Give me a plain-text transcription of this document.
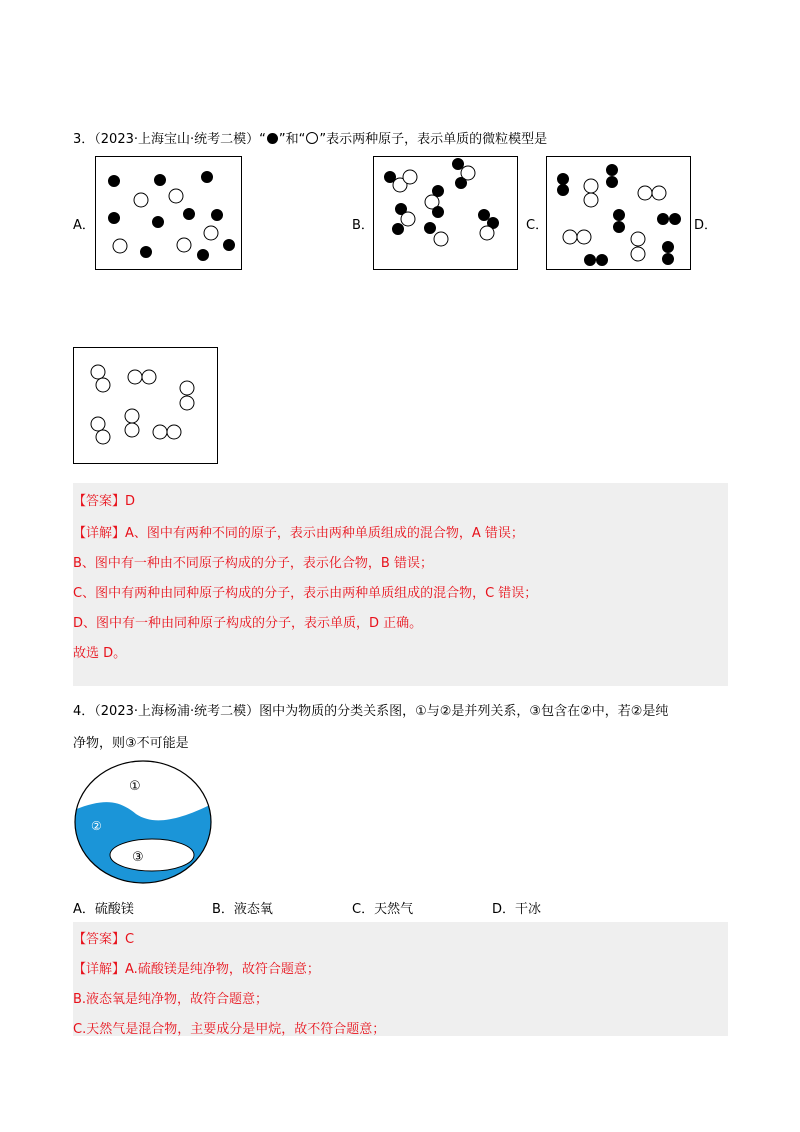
3．（2023·上海宝山·统考二模）“ ”和“ ”表示两种原子，表示单质的微粒模型是
A．	B．	C．	D．
【答案】D
【详解】A、图中有两种不同的原子，表示由两种单质组成的混合物，A 错误；
B、图中有一种由不同原子构成的分子，表示化合物，B 错误；
C、图中有两种由同种原子构成的分子，表示由两种单质组成的混合物，C 错误；
D、图中有一种由同种原子构成的分子，表示单质，D 正确。
故选 D。
4．（2023·上海杨浦·统考二模）图中为物质的分类关系图，①与②是并列关系，③包含在②中，若②是纯
净物，则③不可能是
①
②
③
A．硫酸镁	B．液态氧	C．天然气	D．干冰
【答案】C
【详解】A.硫酸镁是纯净物，故符合题意；
B.液态氧是纯净物，故符合题意；
C.天然气是混合物，主要成分是甲烷，故不符合题意；
